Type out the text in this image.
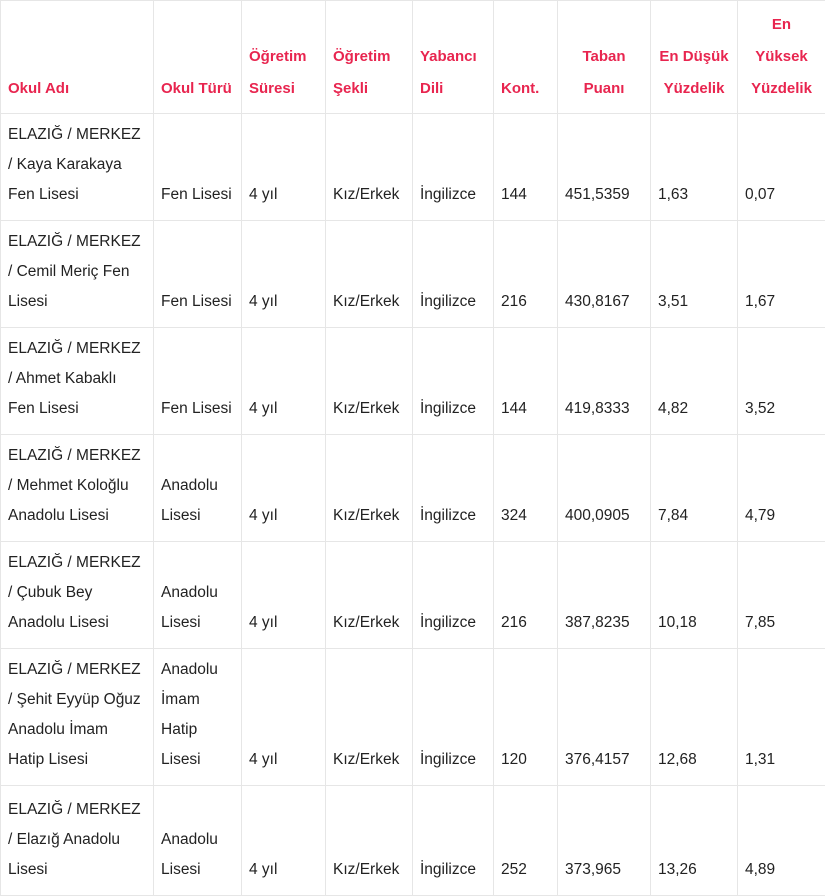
Okul Adı	Okul Türü	Öğretim Süresi	Öğretim Şekli	Yabancı Dili	Kont.	Taban Puanı	En Düşük Yüzdelik	En Yüksek Yüzdelik

ELAZIĞ / MERKEZ / Kaya Karakaya Fen Lisesi	Fen Lisesi	4 yıl	Kız/Erkek	İngilizce	144	451,5359	1,63	0,07

ELAZIĞ / MERKEZ / Cemil Meriç Fen Lisesi	Fen Lisesi	4 yıl	Kız/Erkek	İngilizce	216	430,8167	3,51	1,67

ELAZIĞ / MERKEZ / Ahmet Kabaklı Fen Lisesi	Fen Lisesi	4 yıl	Kız/Erkek	İngilizce	144	419,8333	4,82	3,52

ELAZIĞ / MERKEZ / Mehmet Koloğlu Anadolu Lisesi	Anadolu Lisesi	4 yıl	Kız/Erkek	İngilizce	324	400,0905	7,84	4,79

ELAZIĞ / MERKEZ / Çubuk Bey Anadolu Lisesi	Anadolu Lisesi	4 yıl	Kız/Erkek	İngilizce	216	387,8235	10,18	7,85

ELAZIĞ / MERKEZ / Şehit Eyyüp Oğuz Anadolu İmam Hatip Lisesi	Anadolu İmam Hatip Lisesi	4 yıl	Kız/Erkek	İngilizce	120	376,4157	12,68	1,31

ELAZIĞ / MERKEZ / Elazığ Anadolu Lisesi	Anadolu Lisesi	4 yıl	Kız/Erkek	İngilizce	252	373,965	13,26	4,89
